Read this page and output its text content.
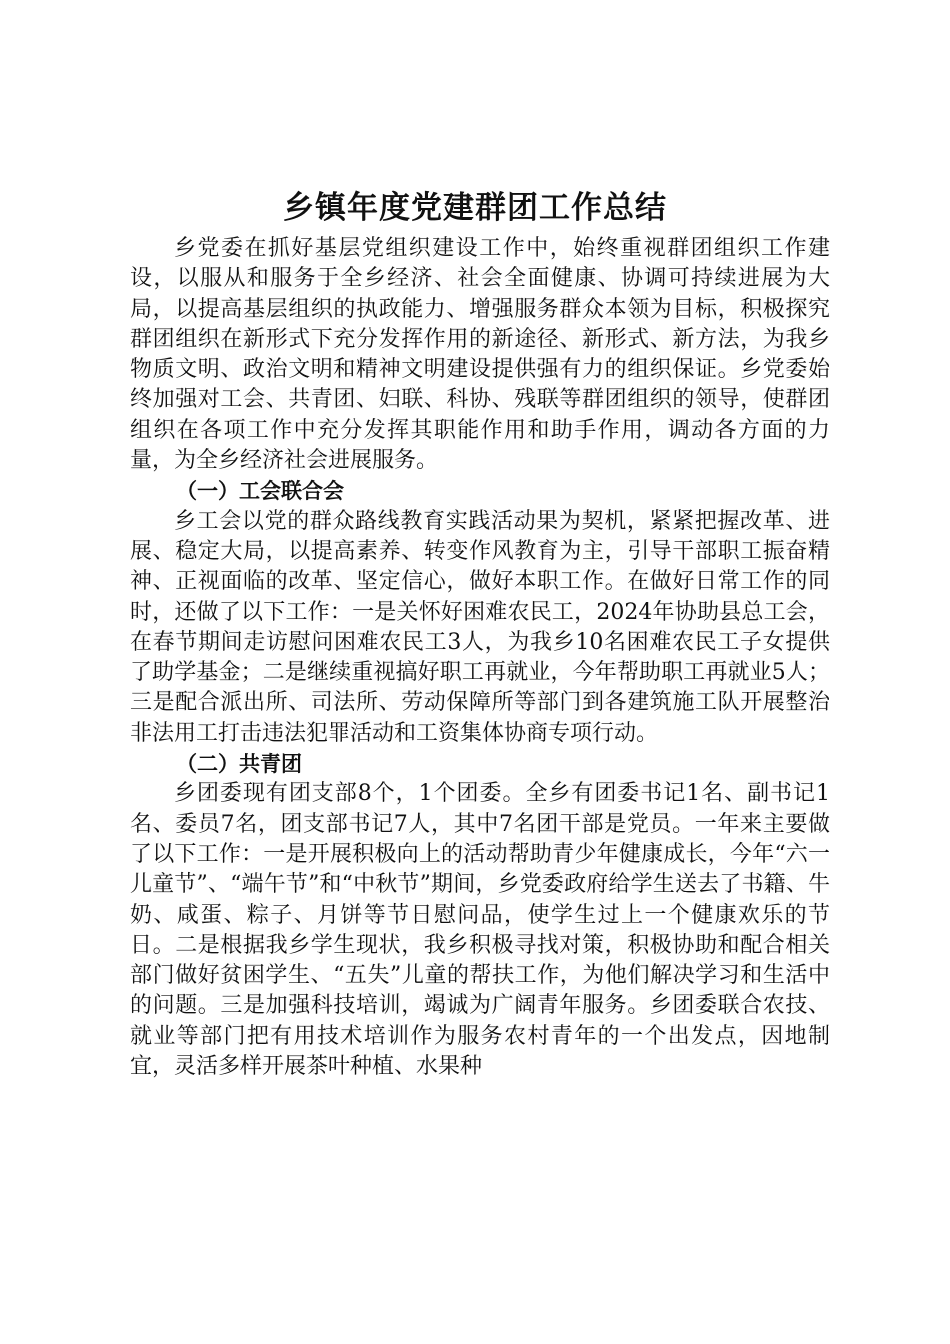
乡镇年度党建群团工作总结

乡党委在抓好基层党组织建设工作中，始终重视群团组织工作建设，以服从和服务于全乡经济、社会全面健康、协调可持续进展为大局，以提高基层组织的执政能力、增强服务群众本领为目标，积极探究群团组织在新形式下充分发挥作用的新途径、新形式、新方法，为我乡物质文明、政治文明和精神文明建设提供强有力的组织保证。乡党委始终加强对工会、共青团、妇联、科协、残联等群团组织的领导，使群团组织在各项工作中充分发挥其职能作用和助手作用，调动各方面的力量，为全乡经济社会进展服务。

（一）工会联合会

乡工会以党的群众路线教育实践活动果为契机，紧紧把握改革、进展、稳定大局，以提高素养、转变作风教育为主，引导干部职工振奋精神、正视面临的改革、坚定信心，做好本职工作。在做好日常工作的同时，还做了以下工作：一是关怀好困难农民工，2024年协助县总工会，在春节期间走访慰问困难农民工3人，为我乡10名困难农民工子女提供了助学基金；二是继续重视搞好职工再就业，今年帮助职工再就业5人；三是配合派出所、司法所、劳动保障所等部门到各建筑施工队开展整治非法用工打击违法犯罪活动和工资集体协商专项行动。

（二）共青团

乡团委现有团支部8个，1个团委。全乡有团委书记1名、副书记1名、委员7名，团支部书记7人，其中7名团干部是党员。一年来主要做了以下工作：一是开展积极向上的活动帮助青少年健康成长，今年“六一儿童节”、“端午节”和“中秋节”期间，乡党委政府给学生送去了书籍、牛奶、咸蛋、粽子、月饼等节日慰问品，使学生过上一个健康欢乐的节日。二是根据我乡学生现状，我乡积极寻找对策，积极协助和配合相关部门做好贫困学生、“五失”儿童的帮扶工作，为他们解决学习和生活中的问题。三是加强科技培训，竭诚为广阔青年服务。乡团委联合农技、就业等部门把有用技术培训作为服务农村青年的一个出发点，因地制宜，灵活多样开展茶叶种植、水果种
